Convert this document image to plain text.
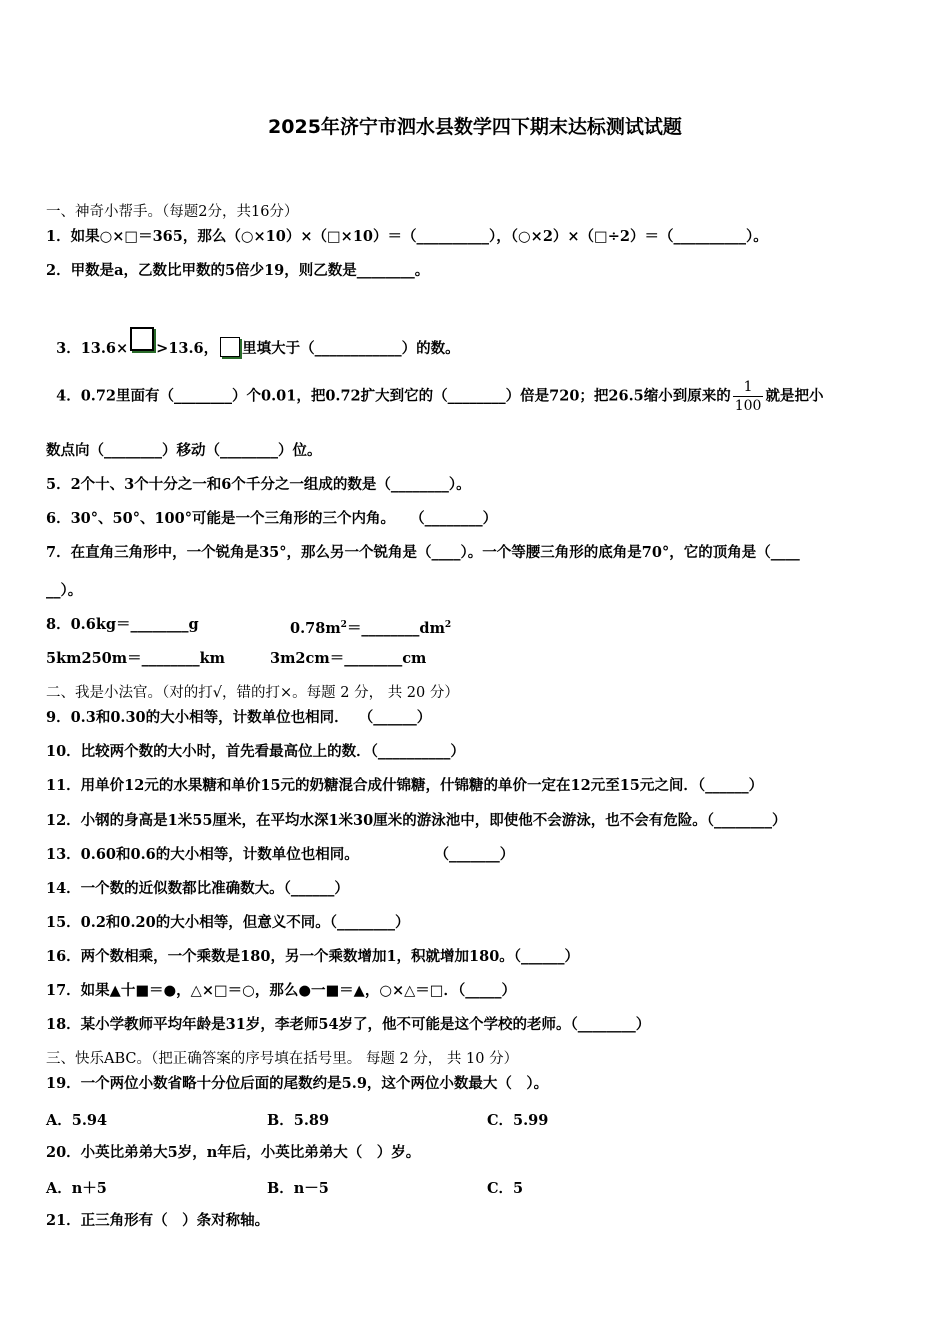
2025年济宁市泗水县数学四下期末达标测试试题
一、神奇小帮手。（每题2分，共16分）
1．如果○×□＝365，那么（○×10）×（□×10）＝（__________），（○×2）×（□÷2）＝（__________）。
2．甲数是a，乙数比甲数的5倍少19，则乙数是________。

3．13.6× >13.6， 里填大于（____________）的数。

4．0.72里面有（________）个0.01，把0.72扩大到它的（________）倍是720；把26.5缩小到原来的 $\frac{1}{100}$ 就是把小

数点向（________）移动（________）位。
5．2个十、3个十分之一和6个千分之一组成的数是（________）。
6．30°、50°、100°可能是一个三角形的三个内角。   （________）
7．在直角三角形中，一个锐角是35°，那么另一个锐角是（____）。一个等腰三角形的底角是70°，它的顶角是（____
__）。
8．0.6kg＝________g	$0.78m^2=\_\_\_\_\_\_\_\_dm^2$
5km250m＝________km	3m2cm＝________cm
二、我是小法官。（对的打√，错的打×。每题 2 分， 共 20 分）
9．0.3和0.30的大小相等，计数单位也相同．  （______）
10．比较两个数的大小时，首先看最高位上的数．（__________）
11．用单价12元的水果糖和单价15元的奶糖混合成什锦糖，什锦糖的单价一定在12元至15元之间．（______）
12．小钢的身高是1米55厘米，在平均水深1米30厘米的游泳池中，即使他不会游泳，也不会有危险。（________）
13．0.60和0.6的大小相等，计数单位也相同。               （_______）
14．一个数的近似数都比准确数大。（______）
15．0.2和0.20的大小相等，但意义不同。（________）
16．两个数相乘，一个乘数是180，另一个乘数增加1，积就增加180。（______）
17．如果▲十■＝●，△×□＝○，那么●一■＝▲，○×△＝□．（_____）
18．某小学教师平均年龄是31岁，李老师54岁了，他不可能是这个学校的老师。（________）
三、快乐ABC。（把正确答案的序号填在括号里。 每题 2 分， 共 10 分）
19．一个两位小数省略十分位后面的尾数约是5.9，这个两位小数最大（　）。
A．5.94	B．5.89	C．5.99
20．小英比弟弟大5岁，n年后，小英比弟弟大（　）岁。
A．n＋5	B．n－5	C．5
21．正三角形有（　）条对称轴。
